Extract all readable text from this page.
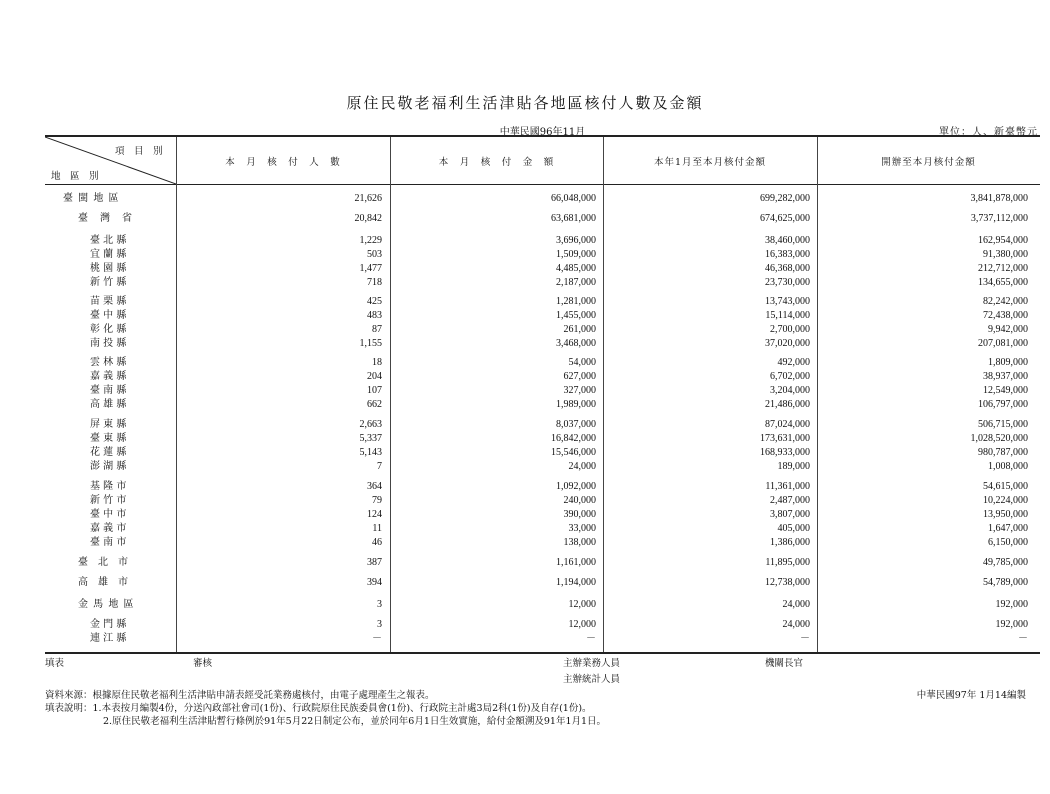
原住民敬老福利生活津貼各地區核付人數及金額
中華民國96年11月	單位：人、新臺幣元
項　目　別
地　區　別
本　月　核　付　人　數	本　月　核　付　金　額	本年1月至本月核付金額	開辦至本月核付金額
臺 閩 地 區	21,626	66,048,000	699,282,000	3,841,878,000
臺　灣　省	20,842	63,681,000	674,625,000	3,737,112,000
臺 北 縣	1,229	3,696,000	38,460,000	162,954,000
宜 蘭 縣	503	1,509,000	16,383,000	91,380,000
桃 園 縣	1,477	4,485,000	46,368,000	212,712,000
新 竹 縣	718	2,187,000	23,730,000	134,655,000
苗 栗 縣	425	1,281,000	13,743,000	82,242,000
臺 中 縣	483	1,455,000	15,114,000	72,438,000
彰 化 縣	87	261,000	2,700,000	9,942,000
南 投 縣	1,155	3,468,000	37,020,000	207,081,000
雲 林 縣	18	54,000	492,000	1,809,000
嘉 義 縣	204	627,000	6,702,000	38,937,000
臺 南 縣	107	327,000	3,204,000	12,549,000
高 雄 縣	662	1,989,000	21,486,000	106,797,000
屏 東 縣	2,663	8,037,000	87,024,000	506,715,000
臺 東 縣	5,337	16,842,000	173,631,000	1,028,520,000
花 蓮 縣	5,143	15,546,000	168,933,000	980,787,000
澎 湖 縣	7	24,000	189,000	1,008,000
基 隆 市	364	1,092,000	11,361,000	54,615,000
新 竹 市	79	240,000	2,487,000	10,224,000
臺 中 市	124	390,000	3,807,000	13,950,000
嘉 義 市	11	33,000	405,000	1,647,000
臺 南 市	46	138,000	1,386,000	6,150,000
臺　北　市	387	1,161,000	11,895,000	49,785,000
高　雄　市	394	1,194,000	12,738,000	54,789,000
金 馬 地 區	3	12,000	24,000	192,000
金 門 縣	3	12,000	24,000	192,000
連 江 縣	－	－	－	－
填表	審核	主辦業務人員	機關長官
主辦統計人員
資料來源：根據原住民敬老福利生活津貼申請表經受託業務處核付，由電子處理產生之報表。	中華民國97年 1月14編製
填表說明：1.本表按月編製4份，分送內政部社會司(1份)、行政院原住民族委員會(1份)、行政院主計處3局2科(1份)及自存(1份)。
2.原住民敬老福利生活津貼暫行條例於91年5月22日制定公布，並於同年6月1日生效實施，給付金額溯及91年1月1日。
